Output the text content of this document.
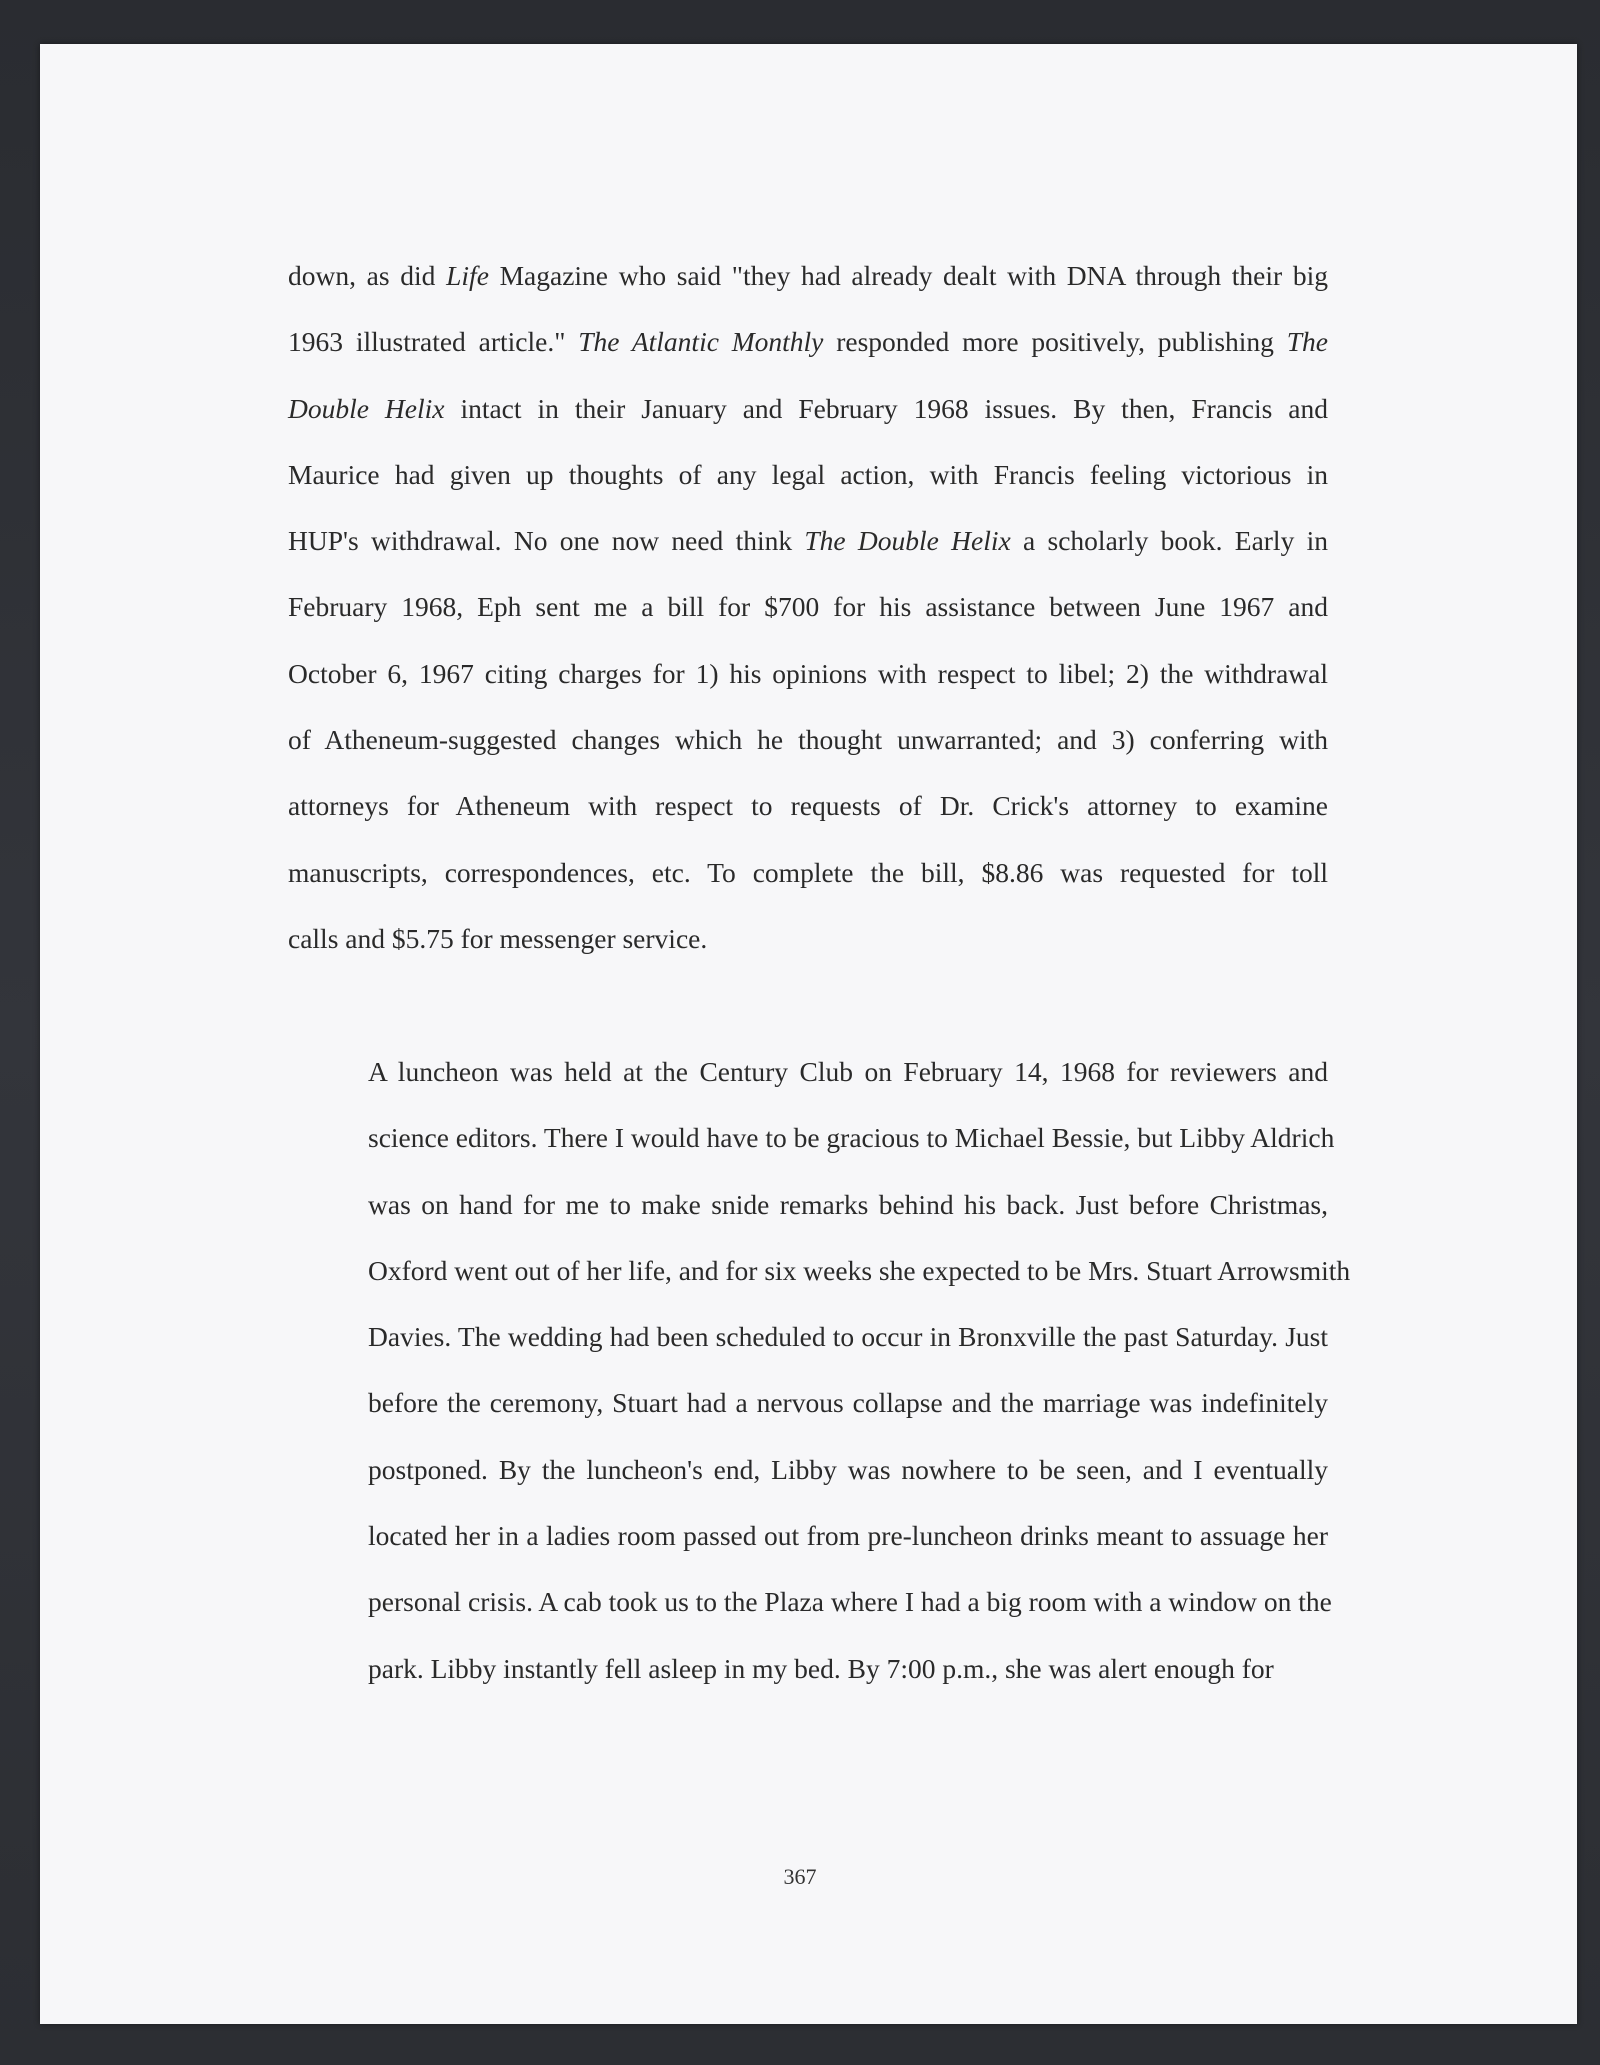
down, as did Life Magazine who said "they had already dealt with DNA through their big
1963 illustrated article." The Atlantic Monthly responded more positively, publishing The
Double Helix intact in their January and February 1968 issues. By then, Francis and
Maurice had given up thoughts of any legal action, with Francis feeling victorious in
HUP's withdrawal. No one now need think The Double Helix a scholarly book. Early in
February 1968, Eph sent me a bill for $700 for his assistance between June 1967 and
October 6, 1967 citing charges for 1) his opinions with respect to libel; 2) the withdrawal
of Atheneum-suggested changes which he thought unwarranted; and 3) conferring with
attorneys for Atheneum with respect to requests of Dr. Crick's attorney to examine
manuscripts, correspondences, etc. To complete the bill, $8.86 was requested for toll
calls and $5.75 for messenger service.

A luncheon was held at the Century Club on February 14, 1968 for reviewers and
science editors. There I would have to be gracious to Michael Bessie, but Libby Aldrich
was on hand for me to make snide remarks behind his back. Just before Christmas,
Oxford went out of her life, and for six weeks she expected to be Mrs. Stuart Arrowsmith
Davies. The wedding had been scheduled to occur in Bronxville the past Saturday. Just
before the ceremony, Stuart had a nervous collapse and the marriage was indefinitely
postponed. By the luncheon's end, Libby was nowhere to be seen, and I eventually
located her in a ladies room passed out from pre-luncheon drinks meant to assuage her
personal crisis. A cab took us to the Plaza where I had a big room with a window on the
park. Libby instantly fell asleep in my bed. By 7:00 p.m., she was alert enough for

367
